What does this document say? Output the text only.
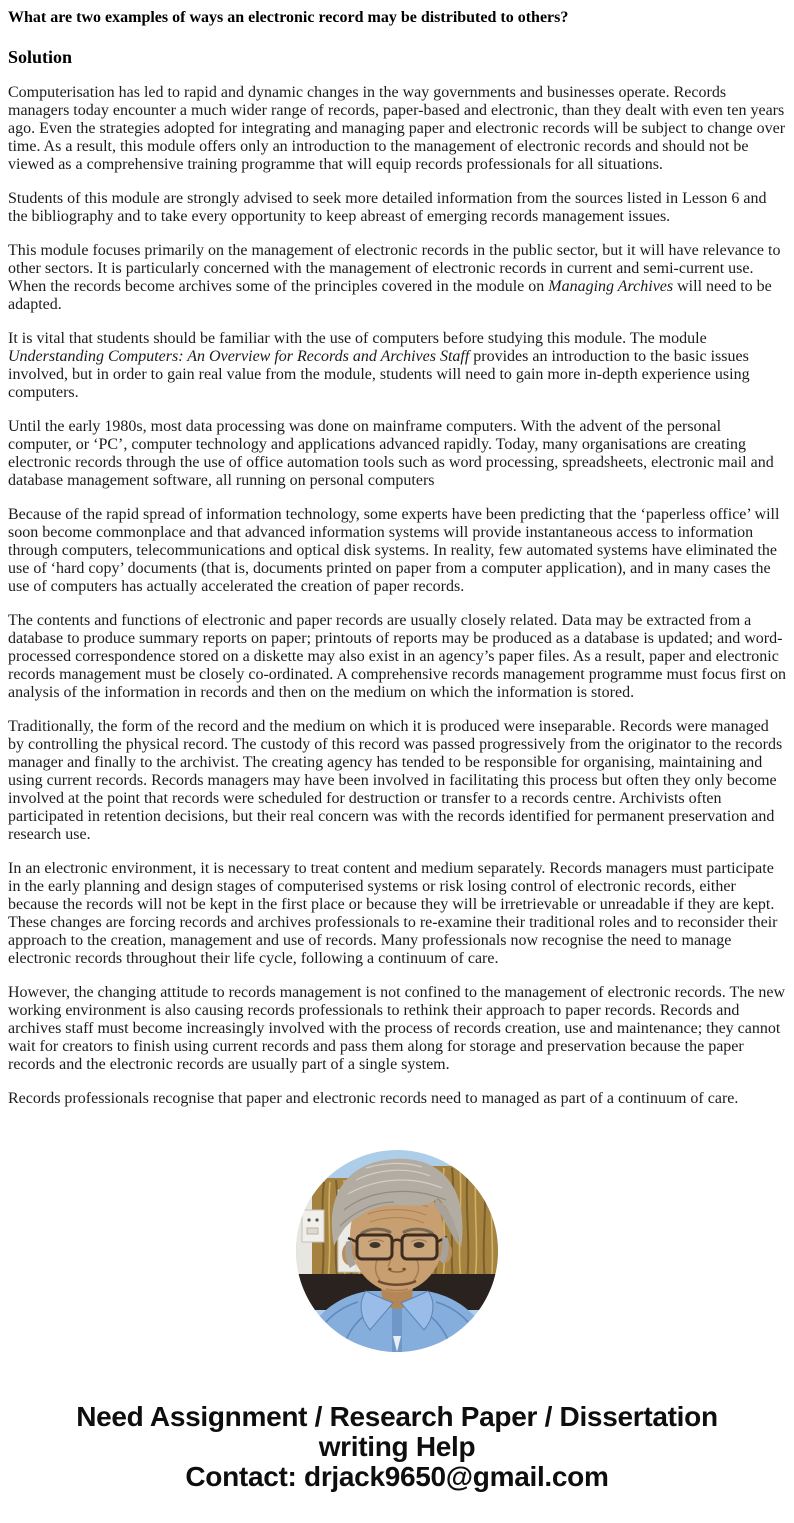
What are two examples of ways an electronic record may be distributed to others?
Solution

Computerisation has led to rapid and dynamic changes in the way governments and businesses operate. Records managers today encounter a much wider range of records, paper-based and electronic, than they dealt with even ten years ago. Even the strategies adopted for integrating and managing paper and electronic records will be subject to change over time. As a result, this module offers only an introduction to the management of electronic records and should not be viewed as a comprehensive training programme that will equip records professionals for all situations.

Students of this module are strongly advised to seek more detailed information from the sources listed in Lesson 6 and the bibliography and to take every opportunity to keep abreast of emerging records management issues.

This module focuses primarily on the management of electronic records in the public sector, but it will have relevance to other sectors. It is particularly concerned with the management of electronic records in current and semi-current use. When the records become archives some of the principles covered in the module on Managing Archives will need to be adapted.

It is vital that students should be familiar with the use of computers before studying this module. The module Understanding Computers: An Overview for Records and Archives Staff provides an introduction to the basic issues involved, but in order to gain real value from the module, students will need to gain more in-depth experience using computers.

Until the early 1980s, most data processing was done on mainframe computers. With the advent of the personal computer, or ‘PC’, computer technology and applications advanced rapidly. Today, many organisations are creating electronic records through the use of office automation tools such as word processing, spreadsheets, electronic mail and database management software, all running on personal computers

Because of the rapid spread of information technology, some experts have been predicting that the ‘paperless office’ will soon become commonplace and that advanced information systems will provide instantaneous access to information through computers, telecommunications and optical disk systems. In reality, few automated systems have eliminated the use of ‘hard copy’ documents (that is, documents printed on paper from a computer application), and in many cases the use of computers has actually accelerated the creation of paper records.

The contents and functions of electronic and paper records are usually closely related. Data may be extracted from a database to produce summary reports on paper; printouts of reports may be produced as a database is updated; and word-processed correspondence stored on a diskette may also exist in an agency’s paper files. As a result, paper and electronic records management must be closely co-ordinated. A comprehensive records management programme must focus first on analysis of the information in records and then on the medium on which the information is stored.

Traditionally, the form of the record and the medium on which it is produced were inseparable. Records were managed by controlling the physical record. The custody of this record was passed progressively from the originator to the records manager and finally to the archivist. The creating agency has tended to be responsible for organising, maintaining and using current records. Records managers may have been involved in facilitating this process but often they only become involved at the point that records were scheduled for destruction or transfer to a records centre. Archivists often participated in retention decisions, but their real concern was with the records identified for permanent preservation and research use.

In an electronic environment, it is necessary to treat content and medium separately. Records managers must participate in the early planning and design stages of computerised systems or risk losing control of electronic records, either because the records will not be kept in the first place or because they will be irretrievable or unreadable if they are kept. These changes are forcing records and archives professionals to re-examine their traditional roles and to reconsider their approach to the creation, management and use of records. Many professionals now recognise the need to manage electronic records throughout their life cycle, following a continuum of care.

However, the changing attitude to records management is not confined to the management of electronic records. The new working environment is also causing records professionals to rethink their approach to paper records. Records and archives staff must become increasingly involved with the process of records creation, use and maintenance; they cannot wait for creators to finish using current records and pass them along for storage and preservation because the paper records and the electronic records are usually part of a single system.

Records professionals recognise that paper and electronic records need to managed as part of a continuum of care.

Need Assignment / Research Paper / Dissertation
writing Help
Contact: drjack9650@gmail.com
